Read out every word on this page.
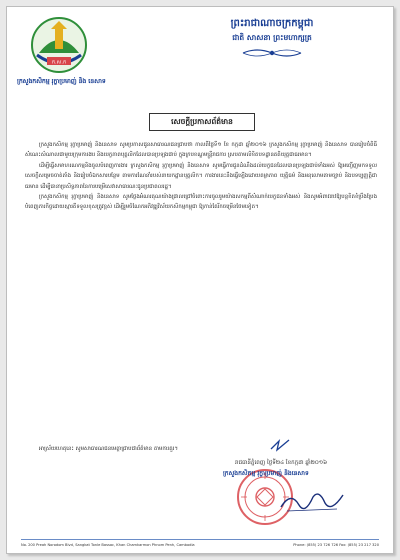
ក.ស.ក
ព្រះរាជាណាចក្រកម្ពុជា
ជាតិ សាសនា ព្រះមហាក្សត្រ
ក្រសួងកសិកម្ម រុក្ខាប្រមាញ់ និង នេសាទ
សេចក្តីប្រកាសព័ត៌មាន

ក្រសួងកសិកម្ម រុក្ខាប្រមាញ់ និងនេសាទ សូមប្រកាសជូនសាធារណជនជ្រាបថា កាលពីថ្ងៃទី១ ខែ កក្កដា ឆ្នាំ២០១៦ ក្រសួងកសិកម្ម រុក្ខាប្រមាញ់ និងនេសាទ បានរៀបចំពិធីសំណេះសំណាលជាមួយក្រុមការងារ និងបេក្ខភាពបុគ្គលិកដែលបានប្រឡងជាប់ ក្នុងក្របខណ្ឌមន្ត្រីរាជការ ស្របតាមលិខិតបទដ្ឋានគតិយុត្តជាធរមាន។

ដើម្បីធ្វើសមាហរណកម្មនិងចូលបំពេញការងារ ក្រសួងកសិកម្ម រុក្ខាប្រមាញ់ និងនេសាទ សូមធ្វើការជូនដំណឹងដល់បេក្ខជនដែលបានប្រឡងជាប់ទាំងអស់ ឱ្យអញ្ជើញមកទទួលសេចក្តីសម្រេចចាត់តាំង និងរៀបចំឯកសារបន្ថែម តាមការណែនាំរបស់នាយកដ្ឋានបុគ្គលិក។ ការងារនេះនឹងធ្វើឡើងដោយតម្លាភាព យុត្តិធម៌ និងអនុលោមតាមច្បាប់ និងបទប្បញ្ញត្តិជាធរមាន ដើម្បីធានាប្រសិទ្ធភាពនៃការបម្រើសេវាសាធារណៈជូនប្រជាពលរដ្ឋ។

ក្រសួងកសិកម្ម រុក្ខាប្រមាញ់ និងនេសាទ សូមថ្លែងអំណរគុណយ៉ាងជ្រាលជ្រៅចំពោះការចូលរួមយ៉ាងសកម្មពីសំណាក់បេក្ខជនទាំងអស់ និងសូមអំពាវនាវឱ្យបន្តខិតខំប្រឹងប្រែងបំពេញភារកិច្ចដោយស្មារតីទទួលខុសត្រូវខ្ពស់ ដើម្បីរួមចំណែកអភិវឌ្ឍវិស័យកសិកម្មកម្ពុជា ឱ្យកាន់តែរីកចម្រើនថែមទៀត។

អាស្រ័យហេតុនេះ សូមសាធារណជនមេត្តាជ្រាបជាព័ត៌មាន តាមការគួរ។
រាជធានីភ្នំពេញ ថ្ងៃទី២៤ ខែកក្កដា ឆ្នាំ២០១៦
ក្រសួងកសិកម្ម រុក្ខាប្រមាញ់ និងនេសាទ
No. 200 Preah Norodom Blvd, Sangkat Tonle Bassac, Khan Chamkarmon Phnom Penh, Cambodia	Phone: (855) 23 726 726 Fax: (855) 23 217 320
